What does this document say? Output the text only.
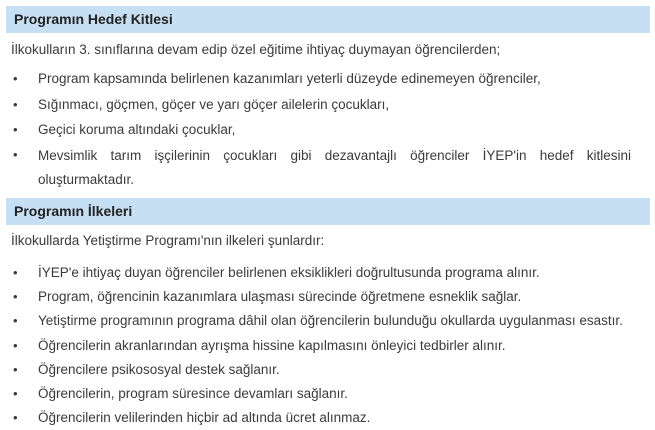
Programın Hedef Kitlesi
İlkokulların 3. sınıflarına devam edip özel eğitime ihtiyaç duymayan öğrencilerden;
• Program kapsamında belirlenen kazanımları yeterli düzeyde edinemeyen öğrenciler,
• Sığınmacı, göçmen, göçer ve yarı göçer ailelerin çocukları,
• Geçici koruma altındaki çocuklar,
• Mevsimlik tarım işçilerinin çocukları gibi dezavantajlı öğrenciler İYEP'in hedef kitlesini oluşturmaktadır.
Programın İlkeleri
İlkokullarda Yetiştirme Programı'nın ilkeleri şunlardır:
• İYEP'e ihtiyaç duyan öğrenciler belirlenen eksiklikleri doğrultusunda programa alınır.
• Program, öğrencinin kazanımlara ulaşması sürecinde öğretmene esneklik sağlar.
• Yetiştirme programının programa dâhil olan öğrencilerin bulunduğu okullarda uygulanması esastır.
• Öğrencilerin akranlarından ayrışma hissine kapılmasını önleyici tedbirler alınır.
• Öğrencilere psikososyal destek sağlanır.
• Öğrencilerin, program süresince devamları sağlanır.
• Öğrencilerin velilerinden hiçbir ad altında ücret alınmaz.
